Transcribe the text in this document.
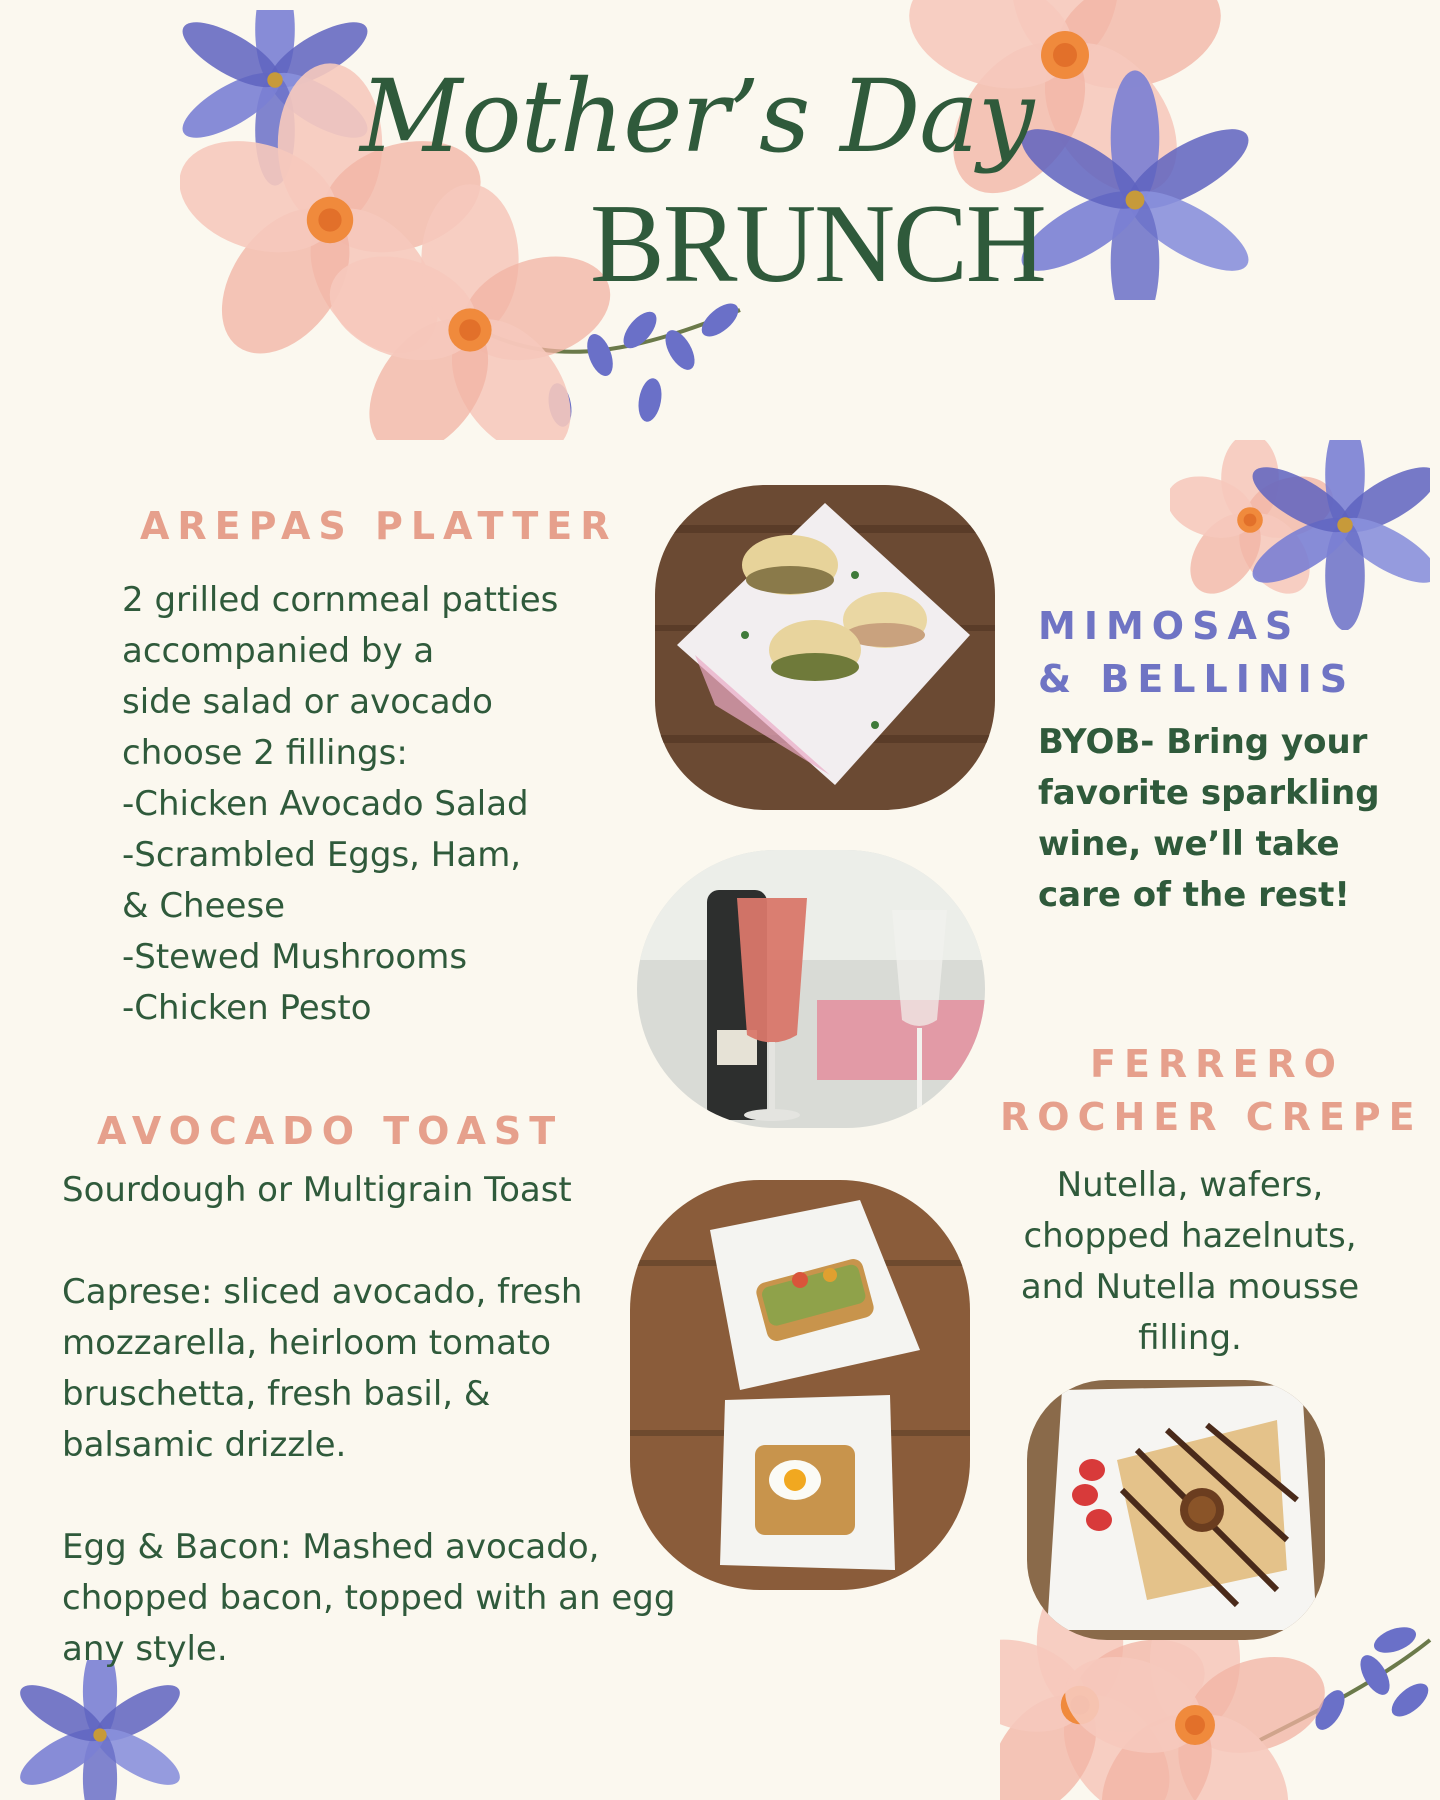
Mother’s Day
BRUNCH
AREPAS PLATTER
2 grilled cornmeal patties
accompanied by a
side salad or avocado
choose 2 fillings:
-Chicken Avocado Salad
-Scrambled Eggs, Ham,
& Cheese
-Stewed Mushrooms
-Chicken Pesto
AVOCADO TOAST
Sourdough or Multigrain Toast

Caprese: sliced avocado, fresh
mozzarella, heirloom tomato
bruschetta, fresh basil, &
balsamic drizzle.

Egg & Bacon: Mashed avocado,
chopped bacon, topped with an egg
any style.
MIMOSAS
& BELLINIS
BYOB- Bring your
favorite sparkling
wine, we’ll take
care of the rest!
FERRERO
ROCHER CREPE
Nutella, wafers,
chopped hazelnuts,
and Nutella mousse
filling.
